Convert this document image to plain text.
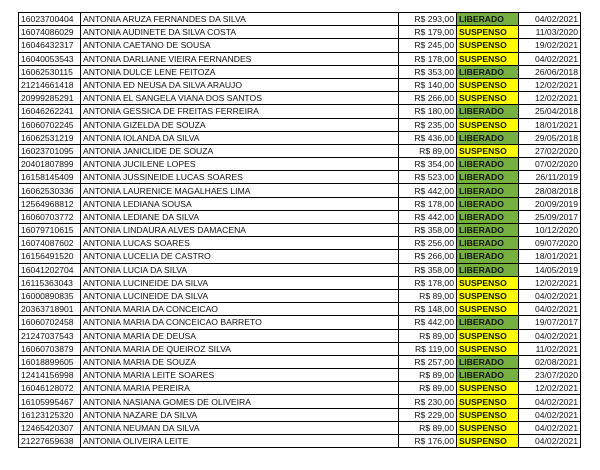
16023700404	ANTONIA ARUZA FERNANDES DA SILVA	R$ 293,00	LIBERADO	04/02/2021
16074086029	ANTONIA AUDINETE DA SILVA COSTA	R$ 179,00	SUSPENSO	11/03/2020
16046432317	ANTONIA CAETANO DE SOUSA	R$ 245,00	SUSPENSO	19/02/2021
16040053543	ANTONIA DARLIANE VIEIRA FERNANDES	R$ 178,00	SUSPENSO	04/02/2021
16062530115	ANTONIA DULCE LENE FEITOZA	R$ 353,00	LIBERADO	26/06/2018
21214661418	ANTONIA ED NEUSA DA SILVA ARAUJO	R$ 140,00	SUSPENSO	12/02/2021
20999285291	ANTONIA EL SANGELA VIANA DOS SANTOS	R$ 266,00	SUSPENSO	12/02/2021
16046262241	ANTONIA GESSICA DE FREITAS FERREIRA	R$ 180,00	LIBERADO	25/04/2018
16060702245	ANTONIA GIZELDA DE SOUZA	R$ 235,00	SUSPENSO	18/01/2021
16062531219	ANTONIA IOLANDA DA SILVA	R$ 436,00	LIBERADO	29/05/2018
16023701095	ANTONIA JANICLIDE DE SOUZA	R$ 89,00	SUSPENSO	27/02/2020
20401807899	ANTONIA JUCILENE LOPES	R$ 354,00	LIBERADO	07/02/2020
16158145409	ANTONIA JUSSINEIDE LUCAS SOARES	R$ 523,00	LIBERADO	26/11/2019
16062530336	ANTONIA LAURENICE MAGALHAES LIMA	R$ 442,00	LIBERADO	28/08/2018
12564968812	ANTONIA LEDIANA SOUSA	R$ 178,00	LIBERADO	20/09/2019
16060703772	ANTONIA LEDIANE DA SILVA	R$ 442,00	LIBERADO	25/09/2017
16079710615	ANTONIA LINDAURA ALVES DAMACENA	R$ 358,00	LIBERADO	10/12/2020
16074087602	ANTONIA LUCAS SOARES	R$ 256,00	LIBERADO	09/07/2020
16156491520	ANTONIA LUCELIA DE CASTRO	R$ 266,00	LIBERADO	18/01/2021
16041202704	ANTONIA LUCIA DA SILVA	R$ 358,00	LIBERADO	14/05/2019
16115363043	ANTONIA LUCINEIDE DA SILVA	R$ 178,00	SUSPENSO	12/02/2021
16000890835	ANTONIA LUCINEIDE DA SILVA	R$ 89,00	SUSPENSO	04/02/2021
20363718901	ANTONIA MARIA DA CONCEICAO	R$ 148,00	SUSPENSO	04/02/2021
16060702458	ANTONIA MARIA DA CONCEICAO BARRETO	R$ 442,00	LIBERADO	19/07/2017
21247037543	ANTONIA MARIA DE DEUSA	R$ 89,00	SUSPENSO	04/02/2021
16060703879	ANTONIA MARIA DE QUEIROZ SILVA	R$ 119,00	SUSPENSO	11/02/2021
16018899605	ANTONIA MARIA DE SOUZA	R$ 257,00	LIBERADO	02/08/2021
12414156998	ANTONIA MARIA LEITE SOARES	R$ 89,00	LIBERADO	23/07/2020
16046128072	ANTONIA MARIA PEREIRA	R$ 89,00	SUSPENSO	12/02/2021
16105995467	ANTONIA NASIANA GOMES DE OLIVEIRA	R$ 230,00	SUSPENSO	04/02/2021
16123125320	ANTONIA NAZARE DA SILVA	R$ 229,00	SUSPENSO	04/02/2021
12465420307	ANTONIA NEUMAN DA SILVA	R$ 89,00	SUSPENSO	04/02/2021
21227659638	ANTONIA OLIVEIRA LEITE	R$ 176,00	SUSPENSO	04/02/2021
